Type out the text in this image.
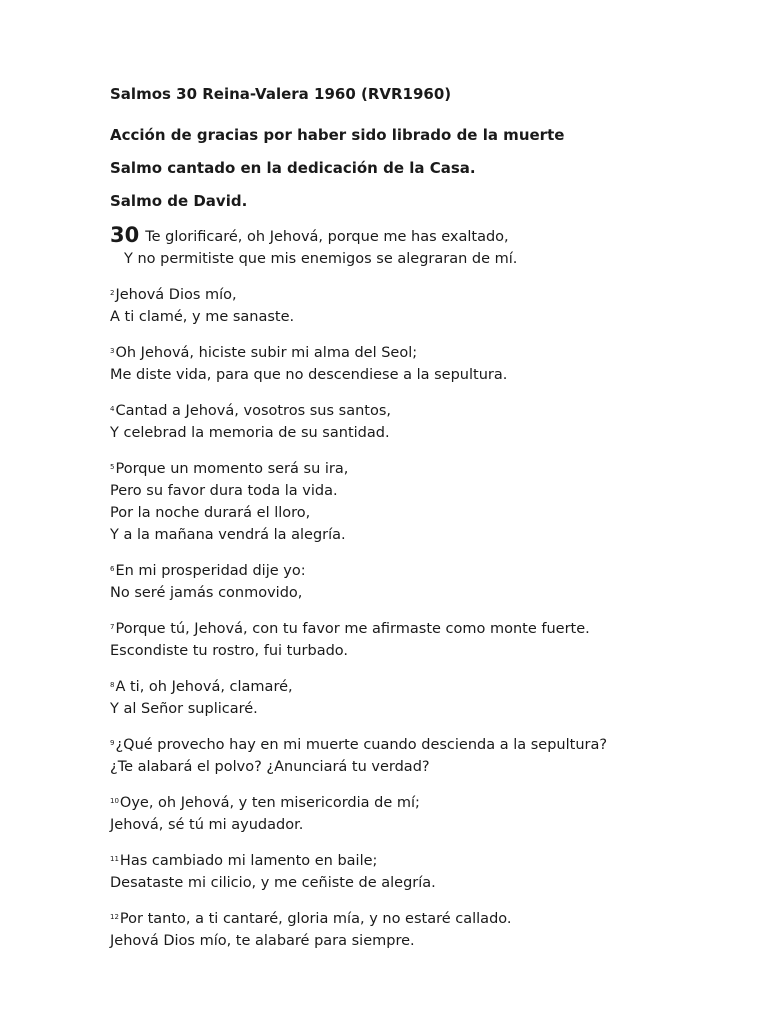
Salmos 30 Reina-Valera 1960 (RVR1960)
Acción de gracias por haber sido librado de la muerte
Salmo cantado en la dedicación de la Casa.
Salmo de David.
30 Te glorificaré, oh Jehová, porque me has exaltado,
Y no permitiste que mis enemigos se alegraran de mí.
$^2$Jehová Dios mío,
A ti clamé, y me sanaste.
$^3$Oh Jehová, hiciste subir mi alma del Seol;
Me diste vida, para que no descendiese a la sepultura.
$^4$Cantad a Jehová, vosotros sus santos,
Y celebrad la memoria de su santidad.
$^5$Porque un momento será su ira,
Pero su favor dura toda la vida.
Por la noche durará el lloro,
Y a la mañana vendrá la alegría.
$^6$En mi prosperidad dije yo:
No seré jamás conmovido,
$^7$Porque tú, Jehová, con tu favor me afirmaste como monte fuerte.
Escondiste tu rostro, fui turbado.
$^8$A ti, oh Jehová, clamaré,
Y al Señor suplicaré.
$^9$¿Qué provecho hay en mi muerte cuando descienda a la sepultura?
¿Te alabará el polvo? ¿Anunciará tu verdad?
$^{10}$Oye, oh Jehová, y ten misericordia de mí;
Jehová, sé tú mi ayudador.
$^{11}$Has cambiado mi lamento en baile;
Desataste mi cilicio, y me ceñiste de alegría.
$^{12}$Por tanto, a ti cantaré, gloria mía, y no estaré callado.
Jehová Dios mío, te alabaré para siempre.
